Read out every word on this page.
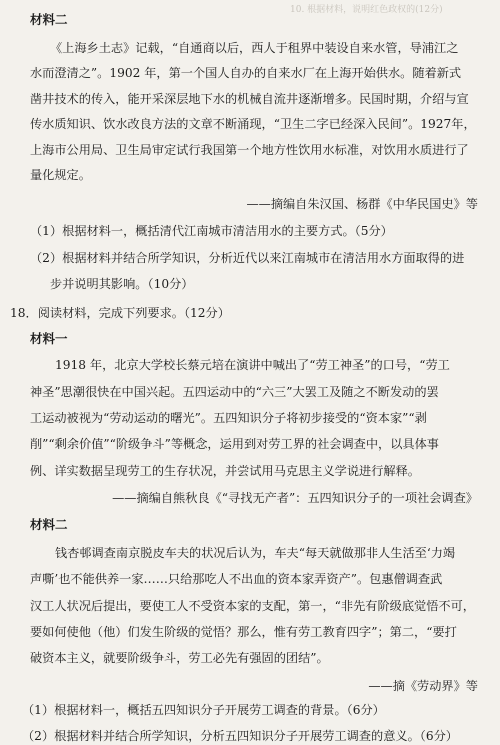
10. 根据材料，说明红色政权的(12分)
材料二
《上海乡土志》记载，“自通商以后，西人于租界中装设自来水管，导浦江之
水而澄清之”。1902 年，第一个国人自办的自来水厂在上海开始供水。随着新式
凿井技术的传入，能开采深层地下水的机械自流井逐渐增多。民国时期，介绍与宣
传水质知识、饮水改良方法的文章不断涌现，“卫生二字已经深入民间”。1927年，
上海市公用局、卫生局审定试行我国第一个地方性饮用水标准，对饮用水质进行了
量化规定。
——摘编自朱汉国、杨群《中华民国史》等
（1）根据材料一，概括清代江南城市清洁用水的主要方式。（5分）
（2）根据材料并结合所学知识，分析近代以来江南城市在清洁用水方面取得的进
步并说明其影响。（10分）
18．阅读材料，完成下列要求。（12分）
材料一
1918 年，北京大学校长蔡元培在演讲中喊出了“劳工神圣”的口号，“劳工
神圣”思潮很快在中国兴起。五四运动中的“六三”大罢工及随之不断发动的罢
工运动被视为“劳动运动的曙光”。五四知识分子将初步接受的“资本家”“剥
削”“剩余价值”“阶级争斗”等概念，运用到对劳工界的社会调查中，以具体事
例、详实数据呈现劳工的生存状况，并尝试用马克思主义学说进行解释。
——摘编自熊秋良《“寻找无产者”：五四知识分子的一项社会调查》
材料二
钱杏邨调查南京脱皮车夫的状况后认为，车夫“每天就做那非人生活至‘力竭
声嘶’也不能供养一家……只给那吃人不出血的资本家弄资产”。包惠僧调查武
汉工人状况后提出，要使工人不受资本家的支配，第一，“非先有阶级底觉悟不可，
要如何使他（他）们发生阶级的觉悟？那么，惟有劳工教育四字”；第二，“要打
破资本主义，就要阶级争斗，劳工必先有强固的团结”。
——摘《劳动界》等
（1）根据材料一，概括五四知识分子开展劳工调查的背景。（6分）
（2）根据材料并结合所学知识，分析五四知识分子开展劳工调查的意义。（6分）
